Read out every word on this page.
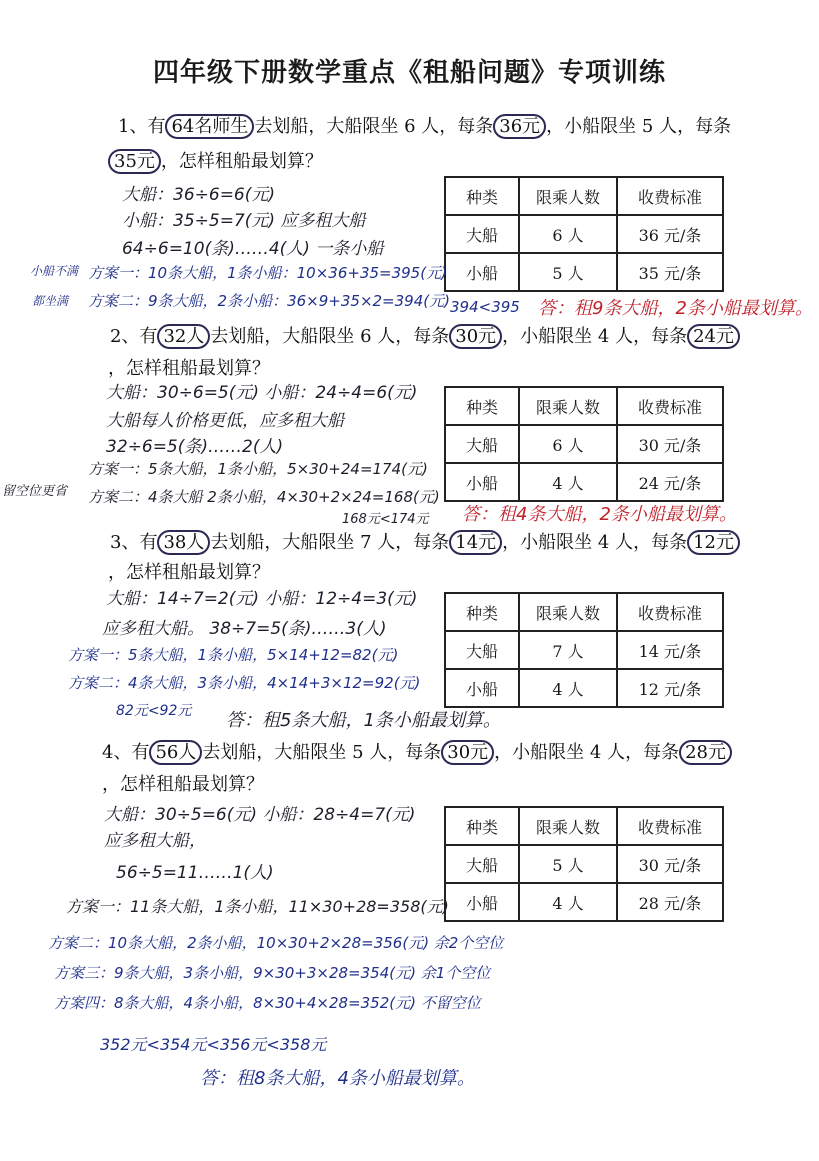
四年级下册数学重点《租船问题》专项训练
1、有 64名师生 去划船，大船限坐 6 人，每条 36元 ，小船限坐 5 人，每条
35元 ，怎样租船最划算？
种类	限乘人数	收费标准
大船	6 人	36 元/条
小船	5 人	35 元/条
大船：36÷6=6(元)
小船：35÷5=7(元) 应多租大船
64÷6=10(条)……4(人) 一条小船
方案一：10条大船，1条小船：10×36+35=395(元)
方案二：9条大船，2条小船：36×9+35×2=394(元)
小船不满
都坐满	394<395 答：租9条大船，2条小船最划算。
2、有 32人 去划船，大船限坐 6 人，每条 30元 ，小船限坐 4 人，每条 24元
，怎样租船最划算？
种类	限乘人数	收费标准
大船	6 人	30 元/条
小船	4 人	24 元/条
大船：30÷6=5(元) 小船：24÷4=6(元)
大船每人价格更低，应多租大船
32÷6=5(条)……2(人)
方案一：5条大船，1条小船，5×30+24=174(元)
方案二：4条大船 2条小船，4×30+2×24=168(元)
留空位更省
168元<174元 答：租4条大船，2条小船最划算。
3、有 38人 去划船，大船限坐 7 人，每条 14元 ，小船限坐 4 人，每条 12元
，怎样租船最划算？
种类	限乘人数	收费标准
大船	7 人	14 元/条
小船	4 人	12 元/条
大船：14÷7=2(元) 小船：12÷4=3(元)
应多租大船。 38÷7=5(条)……3(人)
方案一：5条大船，1条小船，5×14+12=82(元)
方案二：4条大船，3条小船，4×14+3×12=92(元)
82元<92元 答：租5条大船，1条小船最划算。
4、有 56人 去划船，大船限坐 5 人，每条 30元 ，小船限坐 4 人，每条 28元
，怎样租船最划算？
种类	限乘人数	收费标准
大船	5 人	30 元/条
小船	4 人	28 元/条
大船：30÷5=6(元) 小船：28÷4=7(元)
应多租大船，
56÷5=11……1(人)
方案一：11条大船，1条小船，11×30+28=358(元)
方案二：10条大船，2条小船，10×30+2×28=356(元) 余2个空位
方案三：9条大船，3条小船，9×30+3×28=354(元) 余1个空位
方案四：8条大船，4条小船，8×30+4×28=352(元) 不留空位
352元<354元<356元<358元
答：租8条大船，4条小船最划算。
